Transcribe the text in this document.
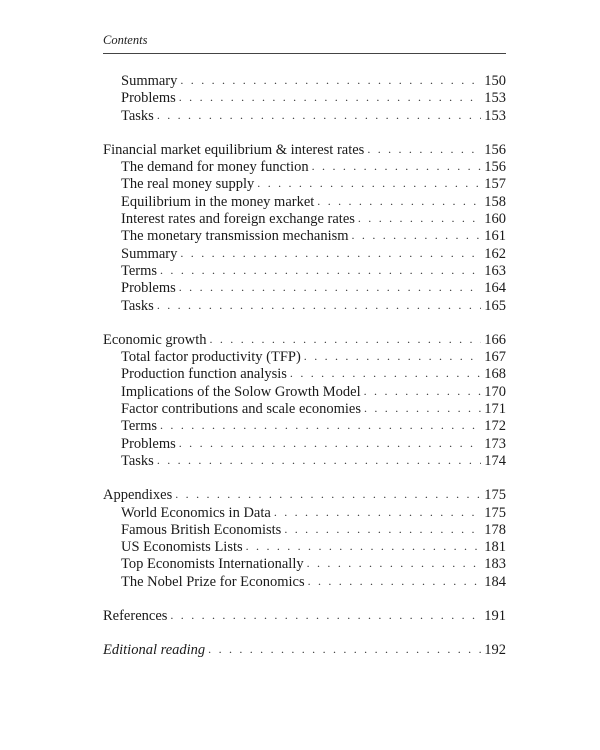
Contents
Summary . . .	150
Problems . . .	153
Tasks . . .	153
Financial market equilibrium & interest rates . . .	156
The demand for money function . . .	156
The real money supply . . .	157
Equilibrium in the money market . . .	158
Interest rates and foreign exchange rates . . .	160
The monetary transmission mechanism . . .	161
Summary . . .	162
Terms . . .	163
Problems . . .	164
Tasks . . .	165
Economic growth . . .	166
Total factor productivity (TFP) . . .	167
Production function analysis . . .	168
Implications of the Solow Growth Model . . .	170
Factor contributions and scale economies . . .	171
Terms . . .	172
Problems . . .	173
Tasks . . .	174
Appendixes . . .	175
World Economics in Data . . .	175
Famous British Economists . . .	178
US Economists Lists . . .	181
Top Economists Internationally . . .	183
The Nobel Prize for Economics . . .	184
References . . .	191
Editional reading . . .	192
